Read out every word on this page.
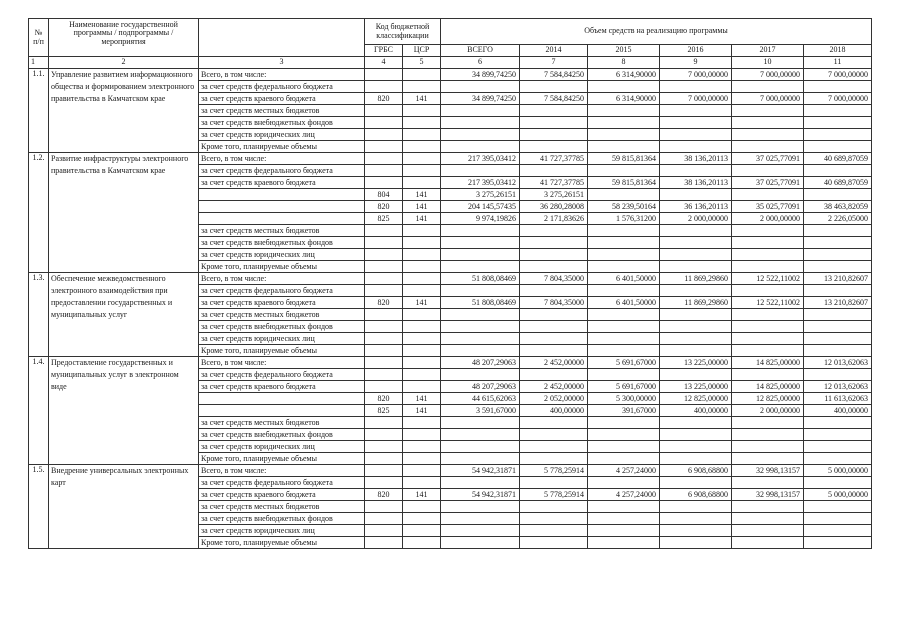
№ п/п	Наименование государственной программы / подпрограммы / мероприятия		Код бюджетной классификации		Объем средств на реализацию программы					
			ГРБС	ЦСР	ВСЕГО	2014	2015	2016	2017	2018
1	2	3	4	5	6	7	8	9	10	11
1.1.	Управление развитием информационного общества и формированием электронного правительства в Камчатском крае	Всего, в том числе:			34 899,74250	7 584,84250	6 314,90000	7 000,00000	7 000,00000	7 000,00000
		за счет средств федерального бюджета								
		за счет средств краевого бюджета	820	141	34 899,74250	7 584,84250	6 314,90000	7 000,00000	7 000,00000	7 000,00000
		за счет средств местных бюджетов								
		за счет средств внебюджетных фондов								
		за счет средств юридических лиц								
		Кроме того, планируемые объемы								
1.2.	Развитие инфраструктуры электронного правительства в Камчатском крае	Всего, в том числе:			217 395,03412	41 727,37785	59 815,81364	38 136,20113	37 025,77091	40 689,87059
		за счет средств федерального бюджета								
		за счет средств краевого бюджета			217 395,03412	41 727,37785	59 815,81364	38 136,20113	37 025,77091	40 689,87059
			804	141	3 275,26151	3 275,26151				
			820	141	204 145,57435	36 280,28008	58 239,50164	36 136,20113	35 025,77091	38 463,82059
			825	141	9 974,19826	2 171,83626	1 576,31200	2 000,00000	2 000,00000	2 226,05000
		за счет средств местных бюджетов								
		за счет средств внебюджетных фондов								
		за счет средств юридических лиц								
		Кроме того, планируемые объемы								
1.3.	Обеспечение межведомственного электронного взаимодействия при предоставлении государственных и муниципальных услуг	Всего, в том числе:			51 808,08469	7 804,35000	6 401,50000	11 869,29860	12 522,11002	13 210,82607
		за счет средств федерального бюджета								
		за счет средств краевого бюджета	820	141	51 808,08469	7 804,35000	6 401,50000	11 869,29860	12 522,11002	13 210,82607
		за счет средств местных бюджетов								
		за счет средств внебюджетных фондов								
		за счет средств юридических лиц								
		Кроме того, планируемые объемы								
1.4.	Предоставление государственных и муниципальных услуг в электронном виде	Всего, в том числе:			48 207,29063	2 452,00000	5 691,67000	13 225,00000	14 825,00000	12 013,62063
		за счет средств федерального бюджета								
		за счет средств краевого бюджета			48 207,29063	2 452,00000	5 691,67000	13 225,00000	14 825,00000	12 013,62063
			820	141	44 615,62063	2 052,00000	5 300,00000	12 825,00000	12 825,00000	11 613,62063
			825	141	3 591,67000	400,00000	391,67000	400,00000	2 000,00000	400,00000
		за счет средств местных бюджетов								
		за счет средств внебюджетных фондов								
		за счет средств юридических лиц								
		Кроме того, планируемые объемы								
1.5.	Внедрение универсальных электронных карт	Всего, в том числе:			54 942,31871	5 778,25914	4 257,24000	6 908,68800	32 998,13157	5 000,00000
		за счет средств федерального бюджета								
		за счет средств краевого бюджета	820	141	54 942,31871	5 778,25914	4 257,24000	6 908,68800	32 998,13157	5 000,00000
		за счет средств местных бюджетов								
		за счет средств внебюджетных фондов								
		за счет средств юридических лиц								
		Кроме того, планируемые объемы								
